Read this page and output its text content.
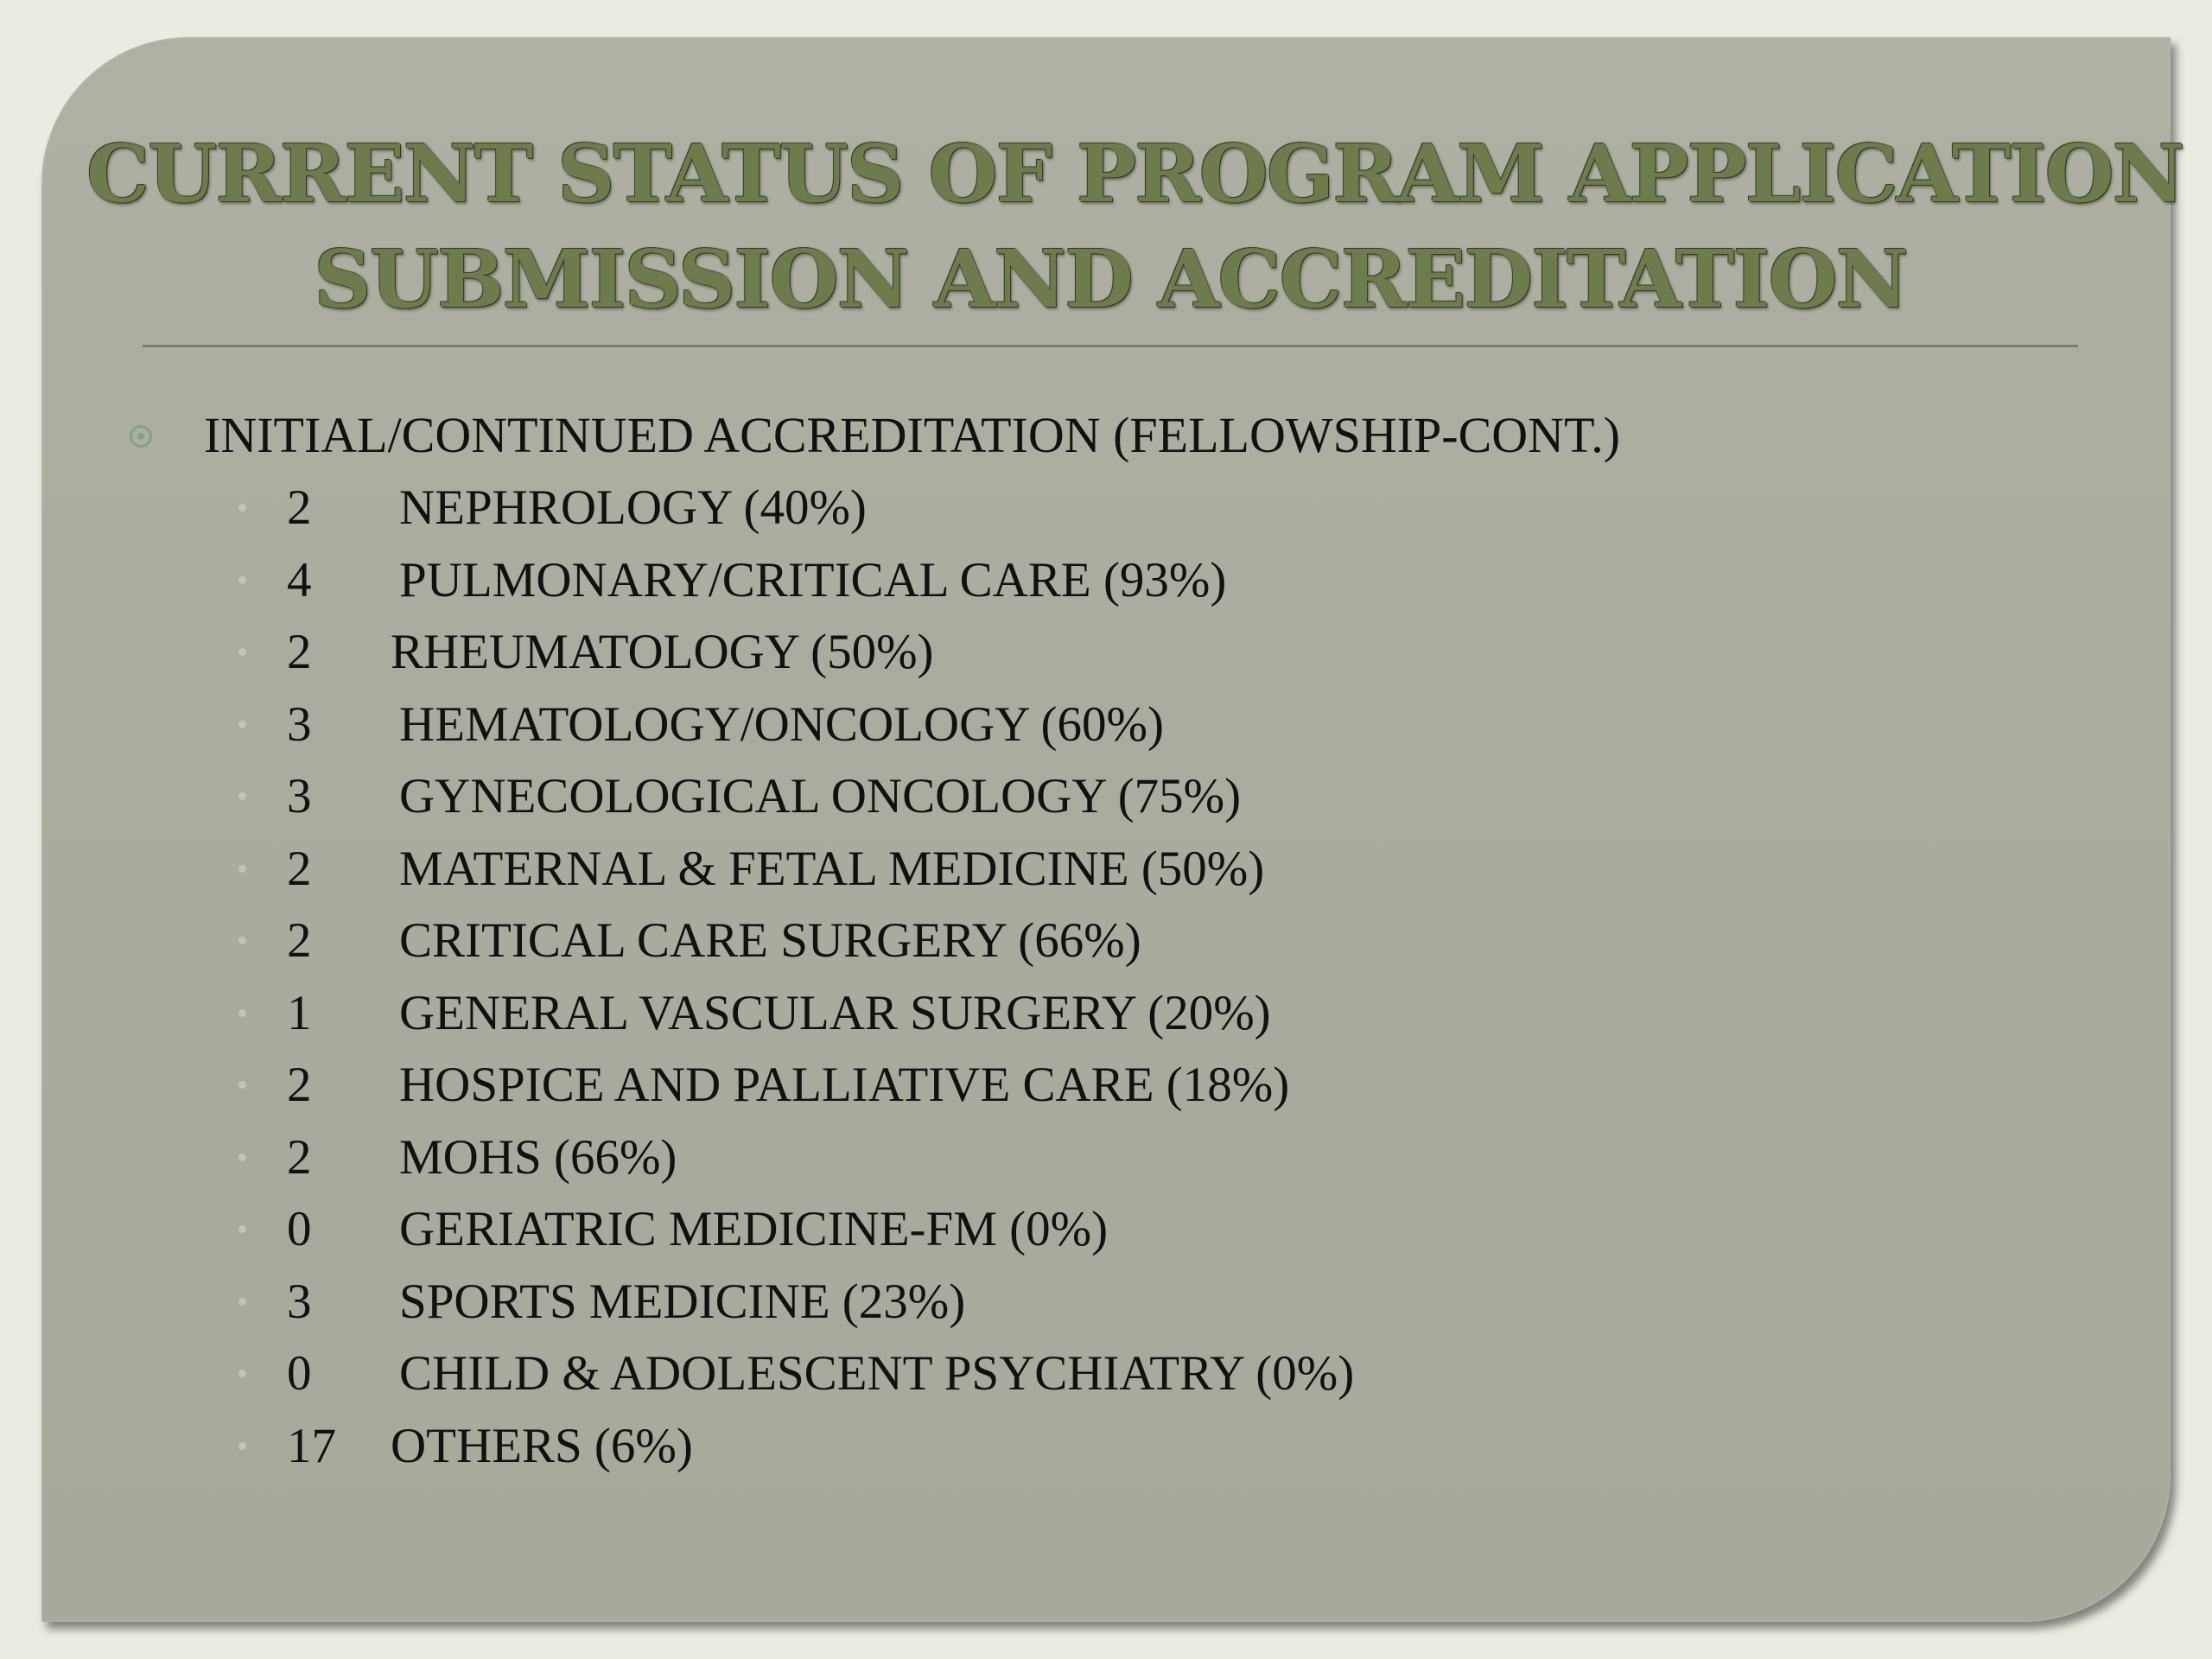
CURRENT STATUS OF PROGRAM APPLICATION
SUBMISSION AND ACCREDITATION
INITIAL/CONTINUED ACCREDITATION (FELLOWSHIP-CONT.)
2 NEPHROLOGY (40%)
4 PULMONARY/CRITICAL CARE (93%)
2 RHEUMATOLOGY (50%)
3 HEMATOLOGY/ONCOLOGY (60%)
3 GYNECOLOGICAL ONCOLOGY (75%)
2 MATERNAL & FETAL MEDICINE (50%)
2 CRITICAL CARE SURGERY (66%)
1 GENERAL VASCULAR SURGERY (20%)
2 HOSPICE AND PALLIATIVE CARE (18%)
2 MOHS (66%)
0 GERIATRIC MEDICINE-FM (0%)
3 SPORTS MEDICINE (23%)
0 CHILD & ADOLESCENT PSYCHIATRY (0%)
17 OTHERS (6%)
